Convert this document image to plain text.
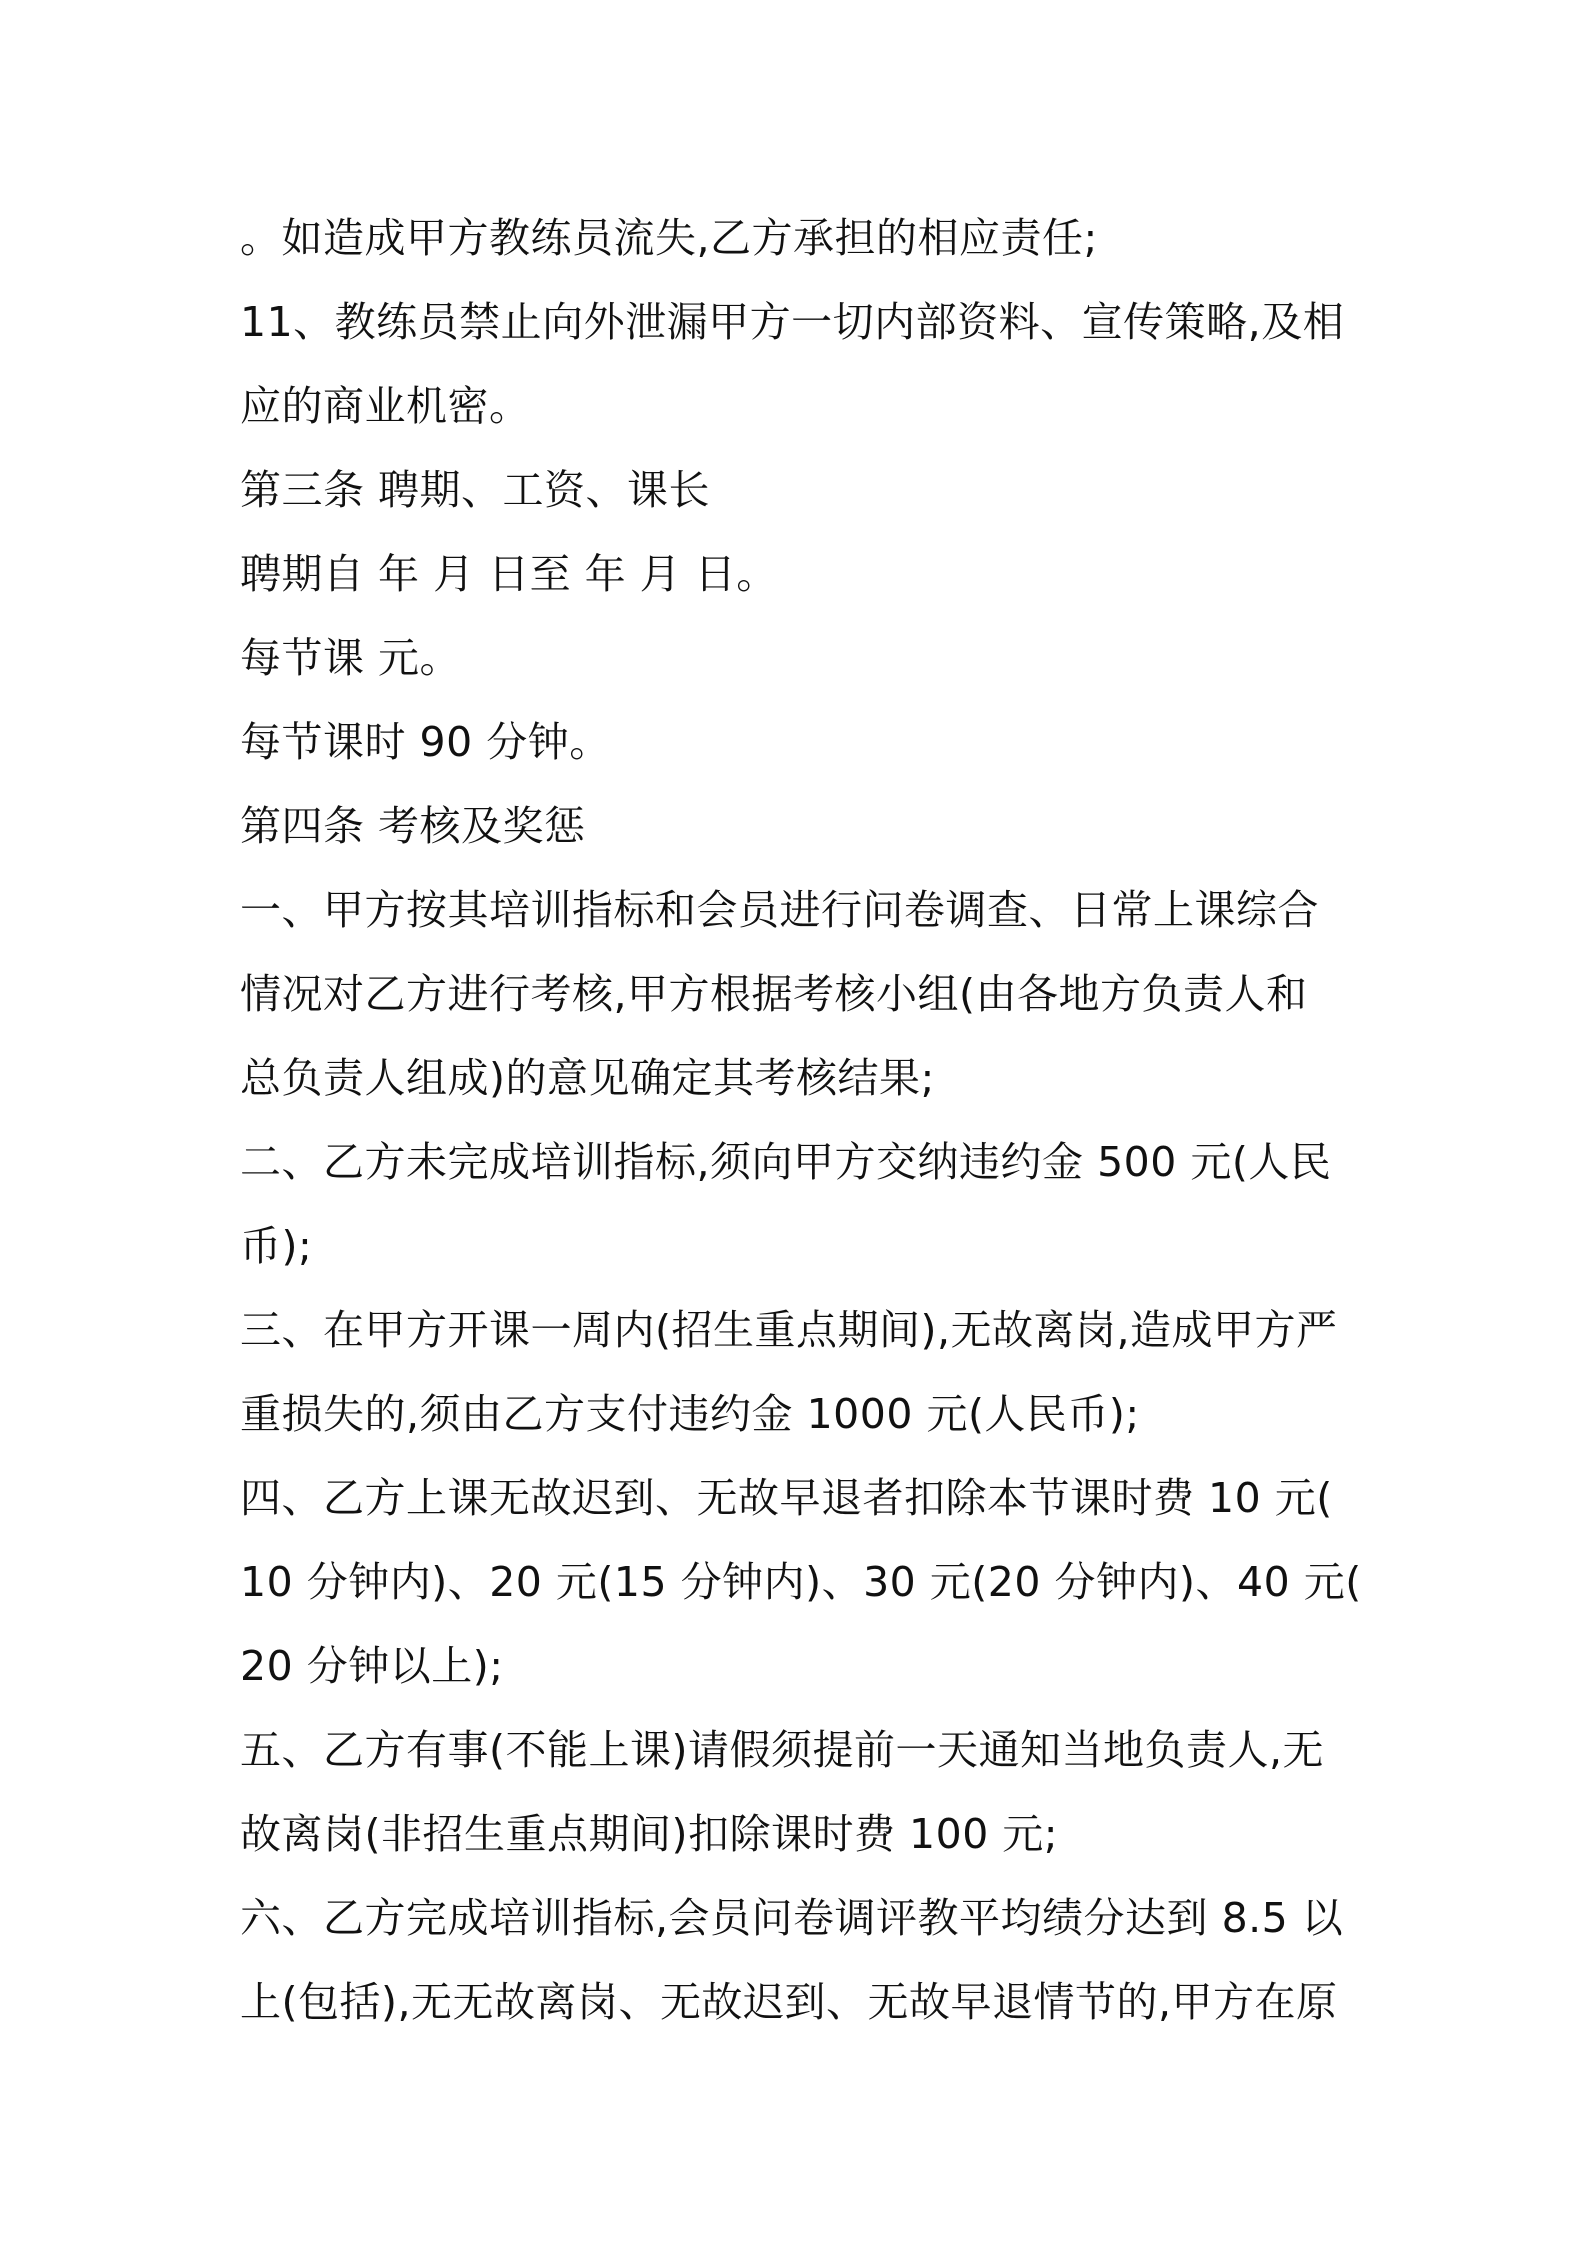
。如造成甲方教练员流失,乙方承担的相应责任;
11、教练员禁止向外泄漏甲方一切内部资料、宣传策略,及相
应的商业机密。
第三条 聘期、工资、课长
聘期自 年 月 日至 年 月 日。
每节课 元。
每节课时 90 分钟。
第四条 考核及奖惩
一、甲方按其培训指标和会员进行问卷调查、日常上课综合
情况对乙方进行考核,甲方根据考核小组(由各地方负责人和
总负责人组成)的意见确定其考核结果;
二、乙方未完成培训指标,须向甲方交纳违约金 500 元(人民
币);
三、在甲方开课一周内(招生重点期间),无故离岗,造成甲方严
重损失的,须由乙方支付违约金 1000 元(人民币);
四、乙方上课无故迟到、无故早退者扣除本节课时费 10 元(
10 分钟内)、20 元(15 分钟内)、30 元(20 分钟内)、40 元(
20 分钟以上);
五、乙方有事(不能上课)请假须提前一天通知当地负责人,无
故离岗(非招生重点期间)扣除课时费 100 元;
六、乙方完成培训指标,会员问卷调评教平均绩分达到 8.5 以
上(包括),无无故离岗、无故迟到、无故早退情节的,甲方在原
